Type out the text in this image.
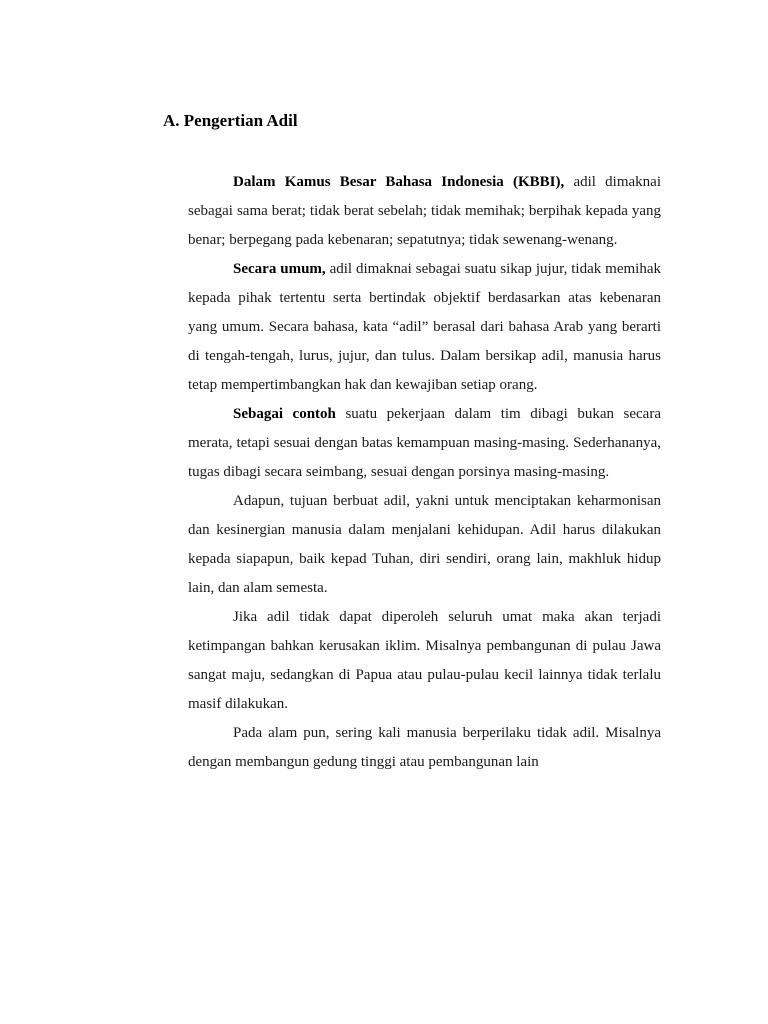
A. Pengertian Adil

Dalam Kamus Besar Bahasa Indonesia (KBBI), adil dimaknai sebagai sama berat; tidak berat sebelah; tidak memihak; berpihak kepada yang benar; berpegang pada kebenaran; sepatutnya; tidak sewenang-wenang.

Secara umum, adil dimaknai sebagai suatu sikap jujur, tidak memihak kepada pihak tertentu serta bertindak objektif berdasarkan atas kebenaran yang umum. Secara bahasa, kata “adil” berasal dari bahasa Arab yang berarti di tengah-tengah, lurus, jujur, dan tulus. Dalam bersikap adil, manusia harus tetap mempertimbangkan hak dan kewajiban setiap orang.

Sebagai contoh suatu pekerjaan dalam tim dibagi bukan secara merata, tetapi sesuai dengan batas kemampuan masing-masing. Sederhananya, tugas dibagi secara seimbang, sesuai dengan porsinya masing-masing.

Adapun, tujuan berbuat adil, yakni untuk menciptakan keharmonisan dan kesinergian manusia dalam menjalani kehidupan. Adil harus dilakukan kepada siapapun, baik kepad Tuhan, diri sendiri, orang lain, makhluk hidup lain, dan alam semesta.

Jika adil tidak dapat diperoleh seluruh umat maka akan terjadi ketimpangan bahkan kerusakan iklim. Misalnya pembangunan di pulau Jawa sangat maju, sedangkan di Papua atau pulau-pulau kecil lainnya tidak terlalu masif dilakukan.

Pada alam pun, sering kali manusia berperilaku tidak adil. Misalnya dengan membangun gedung tinggi atau pembangunan lain
